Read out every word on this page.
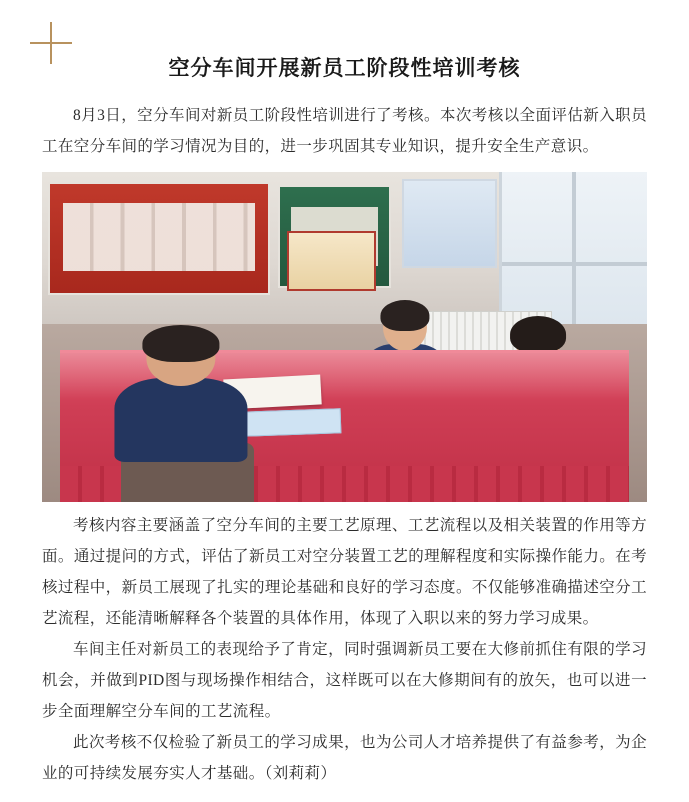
空分车间开展新员工阶段性培训考核

8月3日，空分车间对新员工阶段性培训进行了考核。本次考核以全面评估新入职员工在空分车间的学习情况为目的，进一步巩固其专业知识，提升安全生产意识。

考核内容主要涵盖了空分车间的主要工艺原理、工艺流程以及相关装置的作用等方面。通过提问的方式，评估了新员工对空分装置工艺的理解程度和实际操作能力。在考核过程中，新员工展现了扎实的理论基础和良好的学习态度。不仅能够准确描述空分工艺流程，还能清晰解释各个装置的具体作用，体现了入职以来的努力学习成果。

车间主任对新员工的表现给予了肯定，同时强调新员工要在大修前抓住有限的学习机会，并做到PID图与现场操作相结合，这样既可以在大修期间有的放矢，也可以进一步全面理解空分车间的工艺流程。

此次考核不仅检验了新员工的学习成果，也为公司人才培养提供了有益参考，为企业的可持续发展夯实人才基础。（刘莉莉）
